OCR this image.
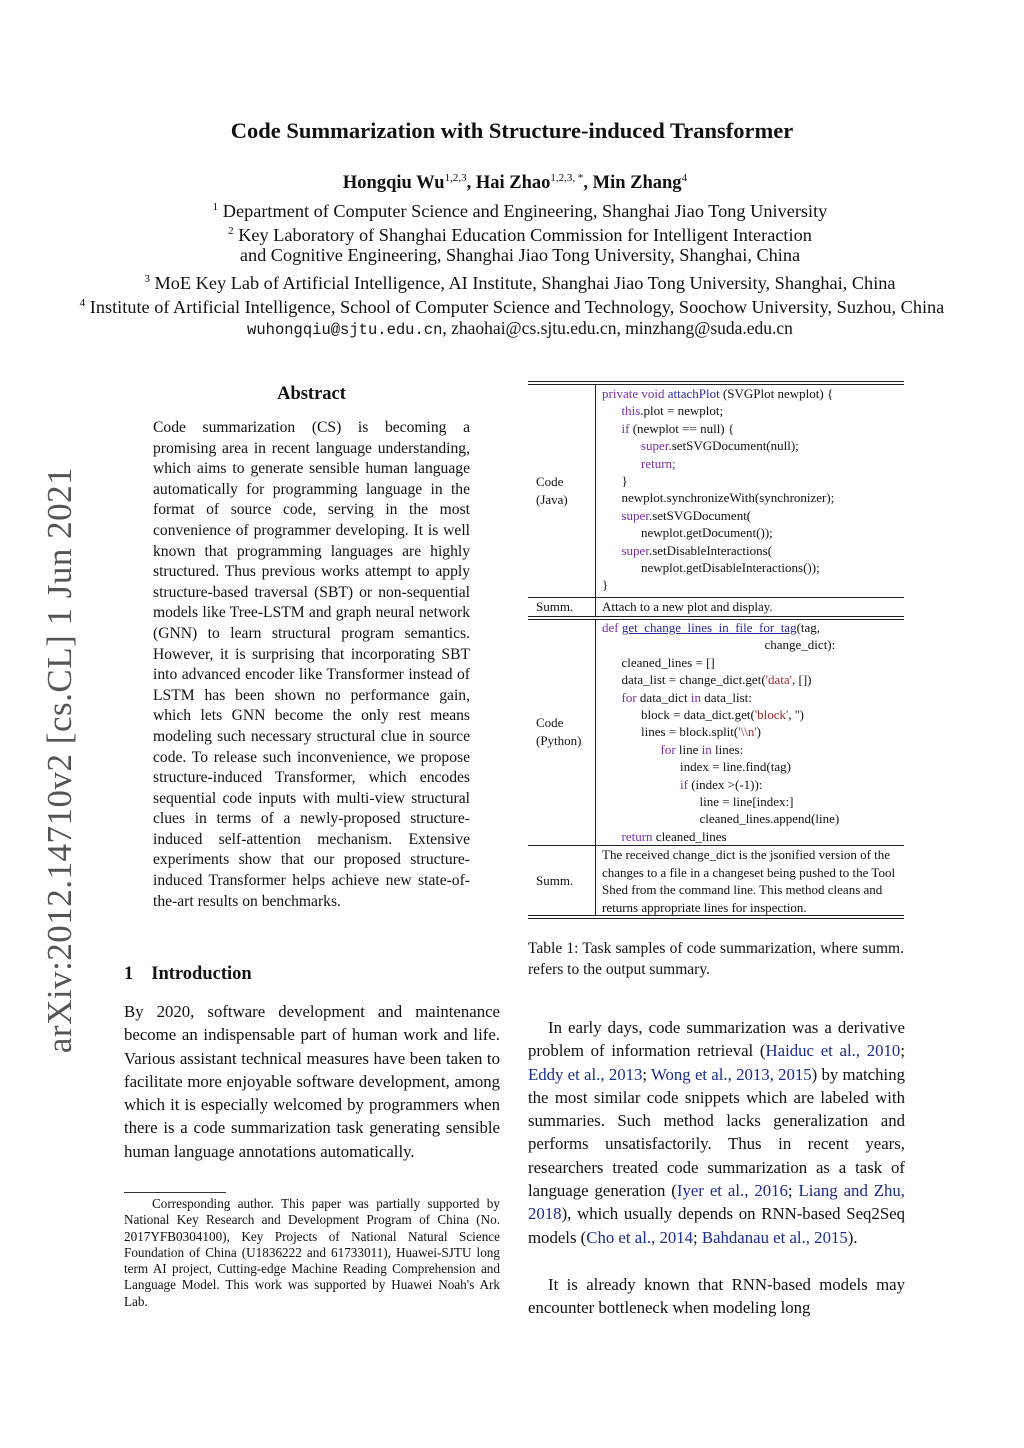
arXiv:2012.14710v2 [cs.CL] 1 Jun 2021
Code Summarization with Structure-induced Transformer
Hongqiu Wu$^{1,2,3}$, Hai Zhao$^{1,2,3, *}$, Min Zhang$^4$
$^1$ Department of Computer Science and Engineering, Shanghai Jiao Tong University
$^2$ Key Laboratory of Shanghai Education Commission for Intelligent Interaction
and Cognitive Engineering, Shanghai Jiao Tong University, Shanghai, China
$^3$ MoE Key Lab of Artificial Intelligence, AI Institute, Shanghai Jiao Tong University, Shanghai, China
$^4$ Institute of Artificial Intelligence, School of Computer Science and Technology, Soochow University, Suzhou, China
wuhongqiu@sjtu.edu.cn, zhaohai@cs.sjtu.edu.cn, minzhang@suda.edu.cn
Abstract
Code summarization (CS) is becoming a promising area in recent language understanding, which aims to generate sensible human language automatically for programming language in the format of source code, serving in the most convenience of programmer developing. It is well known that programming languages are highly structured. Thus previous works attempt to apply structure-based traversal (SBT) or non-sequential models like Tree-LSTM and graph neural network (GNN) to learn structural program semantics. However, it is surprising that incorporating SBT into advanced encoder like Transformer instead of LSTM has been shown no performance gain, which lets GNN become the only rest means modeling such necessary structural clue in source code. To release such inconvenience, we propose structure-induced Transformer, which encodes sequential code inputs with multi-view structural clues in terms of a newly-proposed structure-induced self-attention mechanism. Extensive experiments show that our proposed structure-induced Transformer helps achieve new state-of-the-art results on benchmarks.
1 Introduction
By 2020, software development and maintenance become an indispensable part of human work and life. Various assistant technical measures have been taken to facilitate more enjoyable software development, among which it is especially welcomed by programmers when there is a code summarization task generating sensible human language annotations automatically.
Corresponding author. This paper was partially supported by National Key Research and Development Program of China (No. 2017YFB0304100), Key Projects of National Natural Science Foundation of China (U1836222 and 61733011), Huawei-SJTU long term AI project, Cutting-edge Machine Reading Comprehension and Language Model. This work was supported by Huawei Noah's Ark Lab.
Code (Java)
private void attachPlot (SVGPlot newplot) {
this.plot = newplot;
if (newplot == null) {
super.setSVGDocument(null);
return;
}
newplot.synchronizeWith(synchronizer);
super.setSVGDocument(
newplot.getDocument());
super.setDisableInteractions(
newplot.getDisableInteractions());
}
Summ.	Attach to a new plot and display.
Code (Python)
def get_change_lines_in_file_for_tag(tag,
change_dict):
cleaned_lines = []
data_list = change_dict.get('data', [])
for data_dict in data_list:
block = data_dict.get('block', '')
lines = block.split('\\n')
for line in lines:
index = line.find(tag)
if (index >(-1)):
line = line[index:]
cleaned_lines.append(line)
return cleaned_lines
Summ.
The received change_dict is the jsonified version of the changes to a file in a changeset being pushed to the Tool Shed from the command line. This method cleans and returns appropriate lines for inspection.
Table 1: Task samples of code summarization, where summ. refers to the output summary.
In early days, code summarization was a derivative problem of information retrieval (Haiduc et al., 2010; Eddy et al., 2013; Wong et al., 2013, 2015) by matching the most similar code snippets which are labeled with summaries. Such method lacks generalization and performs unsatisfactorily. Thus in recent years, researchers treated code summarization as a task of language generation (Iyer et al., 2016; Liang and Zhu, 2018), which usually depends on RNN-based Seq2Seq models (Cho et al., 2014; Bahdanau et al., 2015).
It is already known that RNN-based models may encounter bottleneck when modeling long
